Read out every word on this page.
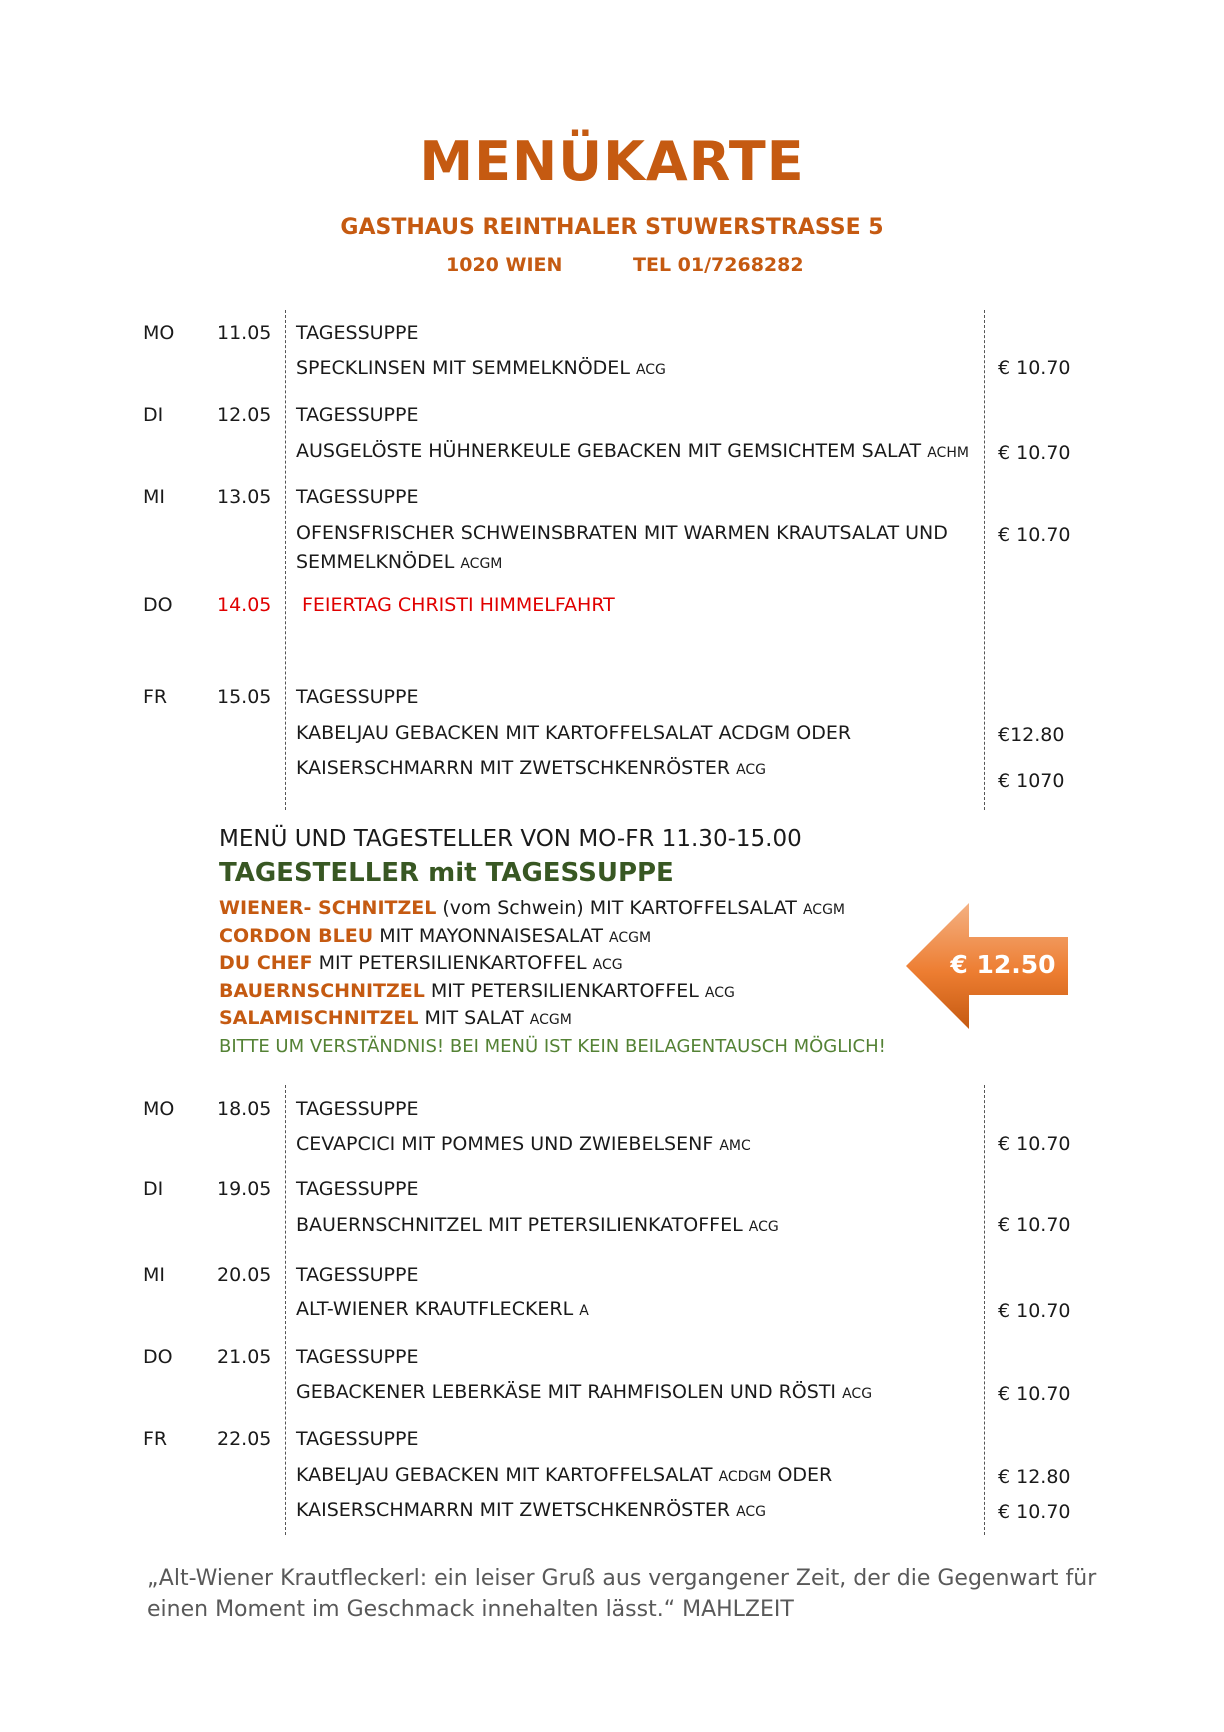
MENÜKARTE
GASTHAUS REINTHALER STUWERSTRASSE 5
1020 WIEN	TEL 01/7268282
MO 11.05 TAGESSUPPE
SPECKLINSEN MIT SEMMELKNÖDEL ACG	€ 10.70
DI	12.05 TAGESSUPPE
AUSGELÖSTE HÜHNERKEULE GEBACKEN MIT GEMSICHTEM SALAT ACHM € 10.70
MI	13.05 TAGESSUPPE
OFENSFRISCHER SCHWEINSBRATEN MIT WARMEN KRAUTSALAT UND
SEMMELKNÖDEL ACGM
€ 10.70
DO 14.05 FEIERTAG CHRISTI HIMMELFAHRT
FR	15.05 TAGESSUPPE
KABELJAU GEBACKEN MIT KARTOFFELSALAT ACDGM ODER	€12.80
KAISERSCHMARRN MIT ZWETSCHKENRÖSTER ACG	€ 1070
MENÜ UND TAGESTELLER VON MO-FR 11.30-15.00
TAGESTELLER mit TAGESSUPPE
WIENER- SCHNITZEL (vom Schwein) MIT KARTOFFELSALAT ACGM
CORDON BLEU MIT MAYONNAISESALAT ACGM
DU CHEF MIT PETERSILIENKARTOFFEL ACG
BAUERNSCHNITZEL MIT PETERSILIENKARTOFFEL ACG
SALAMISCHNITZEL MIT SALAT ACGM
BITTE UM VERSTÄNDNIS! BEI MENÜ IST KEIN BEILAGENTAUSCH MÖGLICH!
€ 12.50
MO 18.05 TAGESSUPPE
CEVAPCICI MIT POMMES UND ZWIEBELSENF AMC	€ 10.70
DI	19.05 TAGESSUPPE
BAUERNSCHNITZEL MIT PETERSILIENKATOFFEL ACG	€ 10.70
MI	20.05 TAGESSUPPE
ALT-WIENER KRAUTFLECKERL A	€ 10.70
DO 21.05 TAGESSUPPE
GEBACKENER LEBERKÄSE MIT RAHMFISOLEN UND RÖSTI ACG	€ 10.70
FR	22.05 TAGESSUPPE
KABELJAU GEBACKEN MIT KARTOFFELSALAT ACDGM ODER	€ 12.80
KAISERSCHMARRN MIT ZWETSCHKENRÖSTER ACG	€ 10.70
„Alt-Wiener Krautfleckerl: ein leiser Gruß aus vergangener Zeit, der die Gegenwart für
einen Moment im Geschmack innehalten lässt.“ MAHLZEIT
